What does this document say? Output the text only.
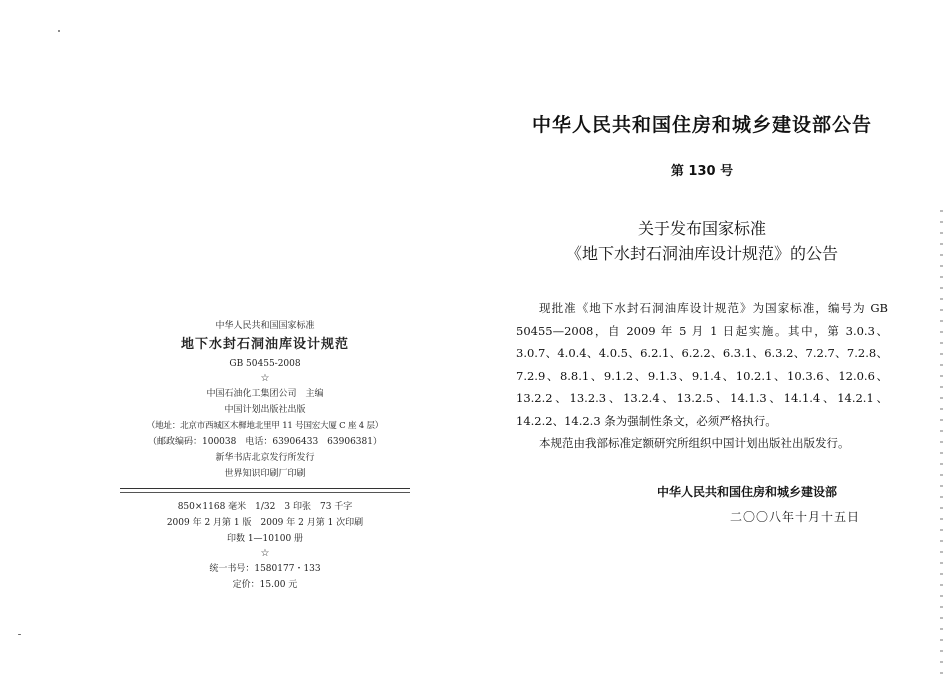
中华人民共和国国家标准
地下水封石洞油库设计规范
GB 50455-2008
☆
中国石油化工集团公司　主编
中国计划出版社出版
（地址：北京市西城区木樨地北里甲 11 号国宏大厦 C 座 4 层）
（邮政编码：100038　电话：63906433　63906381）
新华书店北京发行所发行
世界知识印刷厂印刷
850×1168 毫米　1/32　3 印张　73 千字
2009 年 2 月第 1 版　2009 年 2 月第 1 次印刷
印数 1—10100 册
☆
统一书号：1580177・133
定价：15.00 元
中华人民共和国住房和城乡建设部公告
第 130 号
关于发布国家标准
《地下水封石洞油库设计规范》的公告

现批准《地下水封石洞油库设计规范》为国家标准，编号为 GB 50455—2008，自 2009 年 5 月 1 日起实施。其中，第 3.0.3、3.0.7、4.0.4、4.0.5、6.2.1、6.2.2、6.3.1、6.3.2、7.2.7、7.2.8、7.2.9、8.8.1、9.1.2、9.1.3、9.1.4、10.2.1、10.3.6、12.0.6、13.2.2、13.2.3、13.2.4、13.2.5、14.1.3、14.1.4、14.2.1、14.2.2、14.2.3 条为强制性条文，必须严格执行。

本规范由我部标准定额研究所组织中国计划出版社出版发行。

中华人民共和国住房和城乡建设部
二〇〇八年十月十五日
